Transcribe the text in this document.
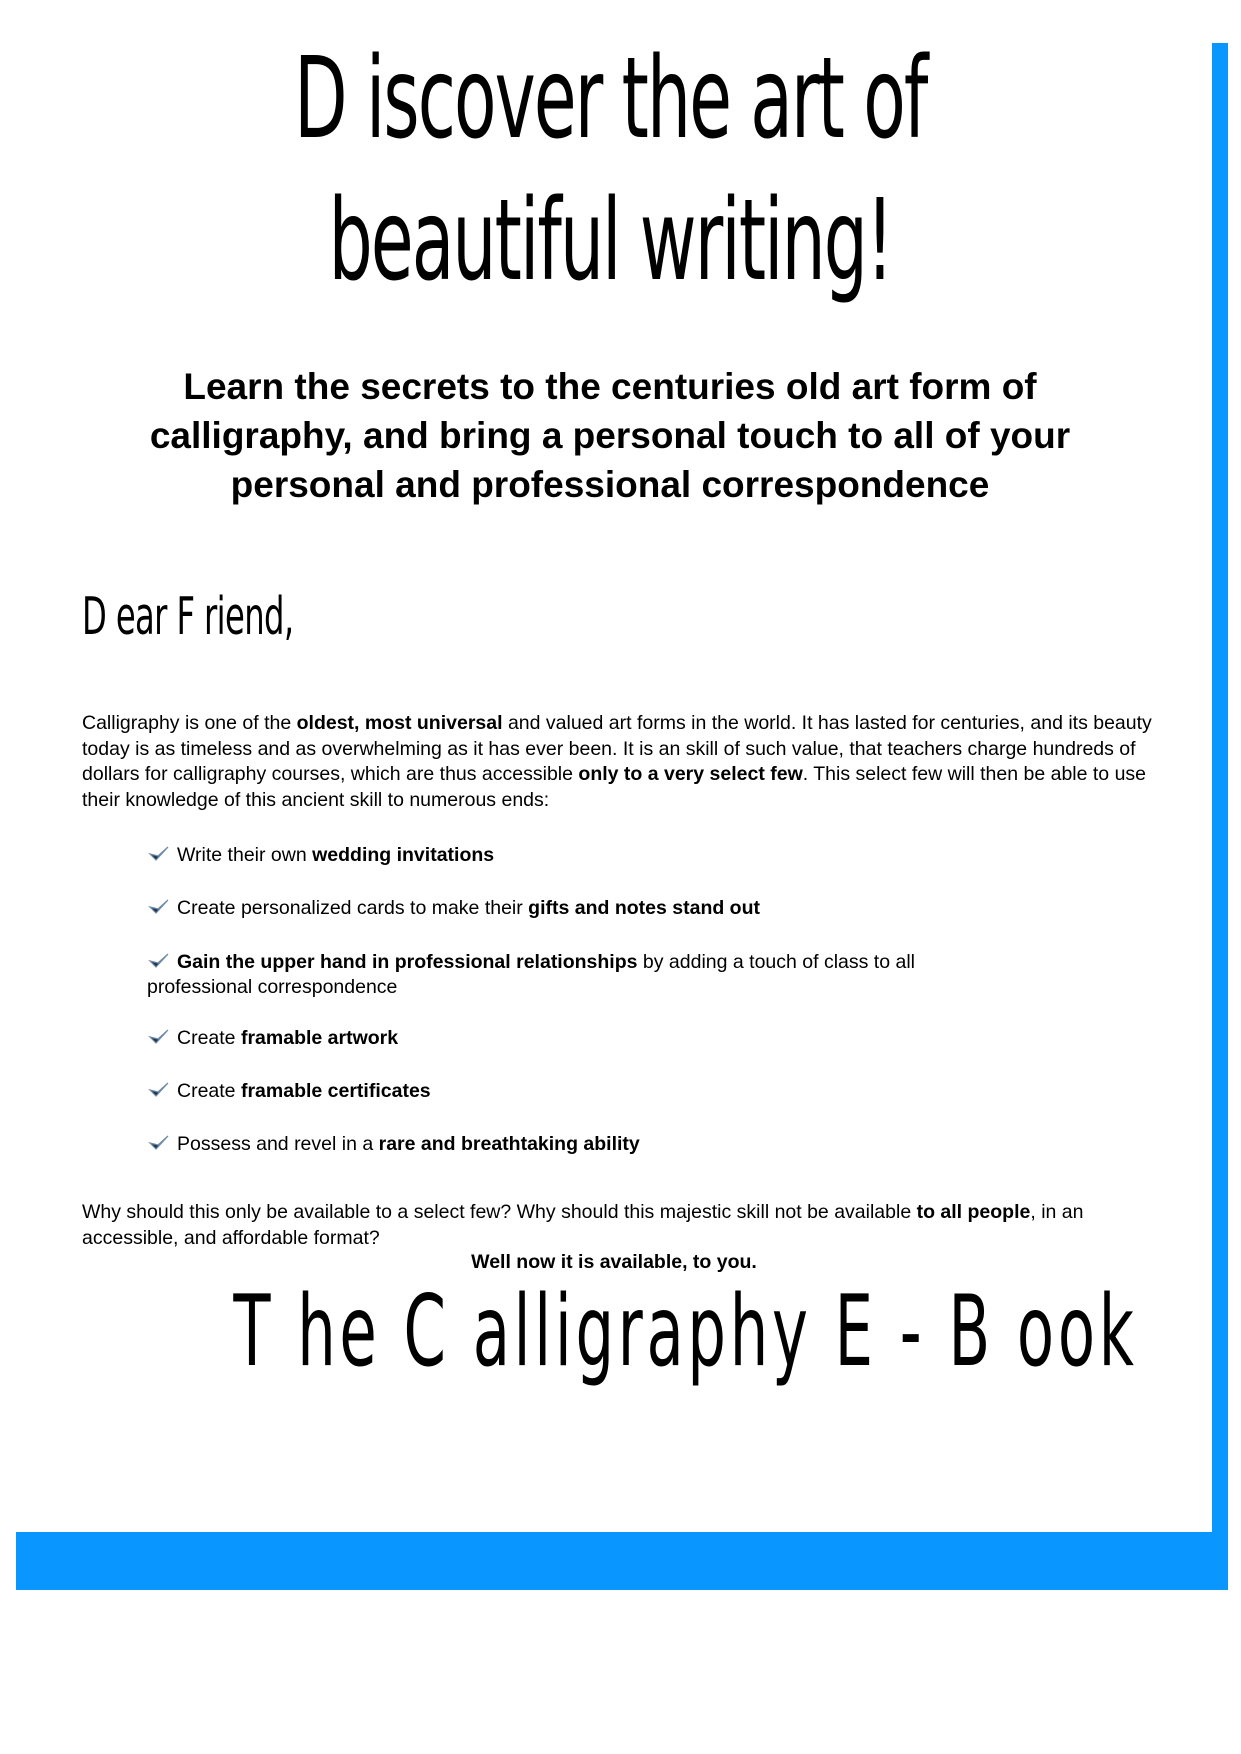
D iscover the art of
beautiful writing!
Learn the secrets to the centuries old art form of calligraphy, and bring a personal touch to all of your personal and professional correspondence

D ear F riend,

Calligraphy is one of the oldest, most universal and valued art forms in the world. It has lasted for centuries, and its beauty today is as timeless and as overwhelming as it has ever been. It is an skill of such value, that teachers charge hundreds of dollars for calligraphy courses, which are thus accessible only to a very select few. This select few will then be able to use their knowledge of this ancient skill to numerous ends:

Write their own wedding invitations
Create personalized cards to make their gifts and notes stand out
Gain the upper hand in professional relationships by adding a touch of class to all professional correspondence
Create framable artwork
Create framable certificates
Possess and revel in a rare and breathtaking ability

Why should this only be available to a select few? Why should this majestic skill not be available to all people, in an accessible, and affordable format?

Well now it is available, to you.

T he C alligraphy E - B ook
